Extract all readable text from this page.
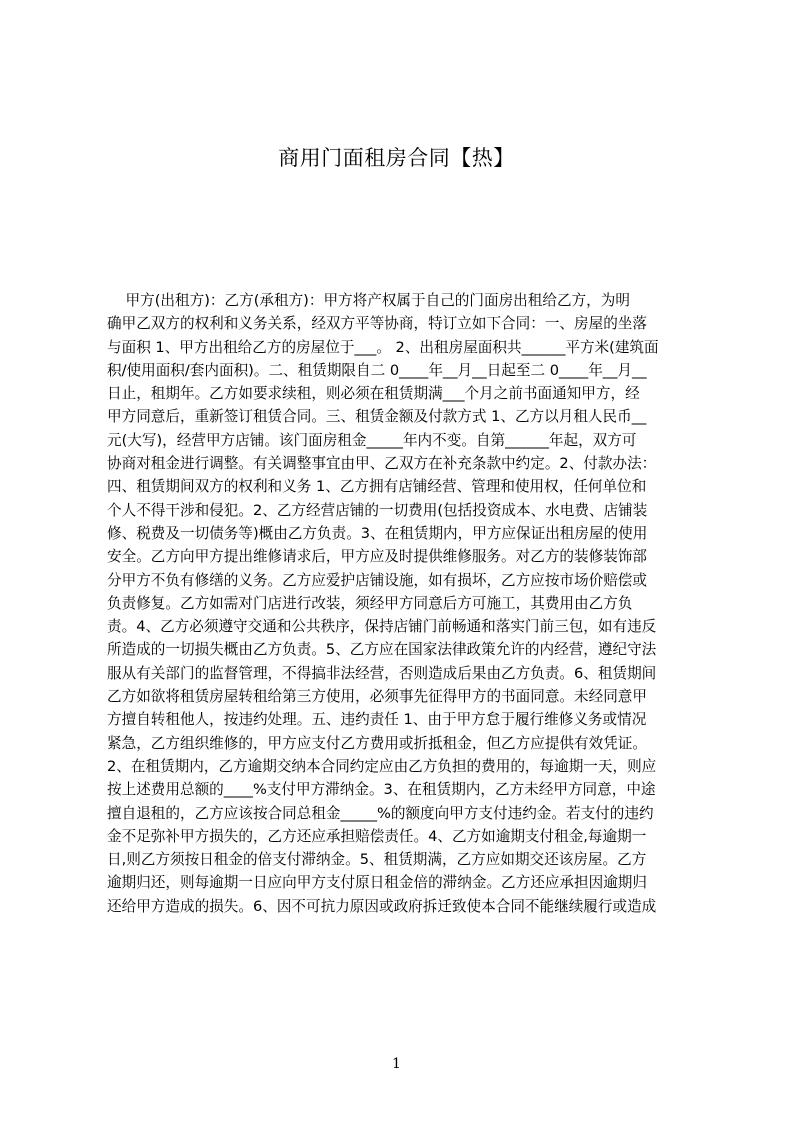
商用门面租房合同【热】
甲方(出租方)：乙方(承租方)：甲方将产权属于自己的门面房出租给乙方，为明
确甲乙双方的权利和义务关系，经双方平等协商，特订立如下合同：一、房屋的坐落
与面积 1、甲方出租给乙方的房屋位于___。 2、出租房屋面积共______平方米(建筑面
积/使用面积/套内面积)。二、租赁期限自二 0____年__月__日起至二 0____年__月__
日止，租期年。乙方如要求续租，则必须在租赁期满___个月之前书面通知甲方，经
甲方同意后，重新签订租赁合同。三、租赁金额及付款方式 1、乙方以月租人民币__
元(大写)，经营甲方店铺。该门面房租金_____年内不变。自第______年起，双方可
协商对租金进行调整。有关调整事宜由甲、乙双方在补充条款中约定。2、付款办法：
四、租赁期间双方的权利和义务 1、乙方拥有店铺经营、管理和使用权，任何单位和
个人不得干涉和侵犯。2、乙方经营店铺的一切费用(包括投资成本、水电费、店铺装
修、税费及一切债务等)概由乙方负责。3、在租赁期内，甲方应保证出租房屋的使用
安全。乙方向甲方提出维修请求后，甲方应及时提供维修服务。对乙方的装修装饰部
分甲方不负有修缮的义务。乙方应爱护店铺设施，如有损坏，乙方应按市场价赔偿或
负责修复。乙方如需对门店进行改装，须经甲方同意后方可施工，其费用由乙方负
责。4、乙方必须遵守交通和公共秩序，保持店铺门前畅通和落实门前三包，如有违反
所造成的一切损失概由乙方负责。5、乙方应在国家法律政策允许的内经营，遵纪守法
服从有关部门的监督管理，不得搞非法经营，否则造成后果由乙方负责。6、租赁期间
乙方如欲将租赁房屋转租给第三方使用，必须事先征得甲方的书面同意。未经同意甲
方擅自转租他人，按违约处理。五、违约责任 1、由于甲方怠于履行维修义务或情况
紧急，乙方组织维修的，甲方应支付乙方费用或折抵租金，但乙方应提供有效凭证。
2、在租赁期内，乙方逾期交纳本合同约定应由乙方负担的费用的，每逾期一天，则应
按上述费用总额的____%支付甲方滞纳金。3、在租赁期内，乙方未经甲方同意，中途
擅自退租的，乙方应该按合同总租金_____%的额度向甲方支付违约金。若支付的违约
金不足弥补甲方损失的，乙方还应承担赔偿责任。4、乙方如逾期支付租金,每逾期一
日,则乙方须按日租金的倍支付滞纳金。5、租赁期满，乙方应如期交还该房屋。乙方
逾期归还，则每逾期一日应向甲方支付原日租金倍的滞纳金。乙方还应承担因逾期归
还给甲方造成的损失。6、因不可抗力原因或政府拆迁致使本合同不能继续履行或造成
1
